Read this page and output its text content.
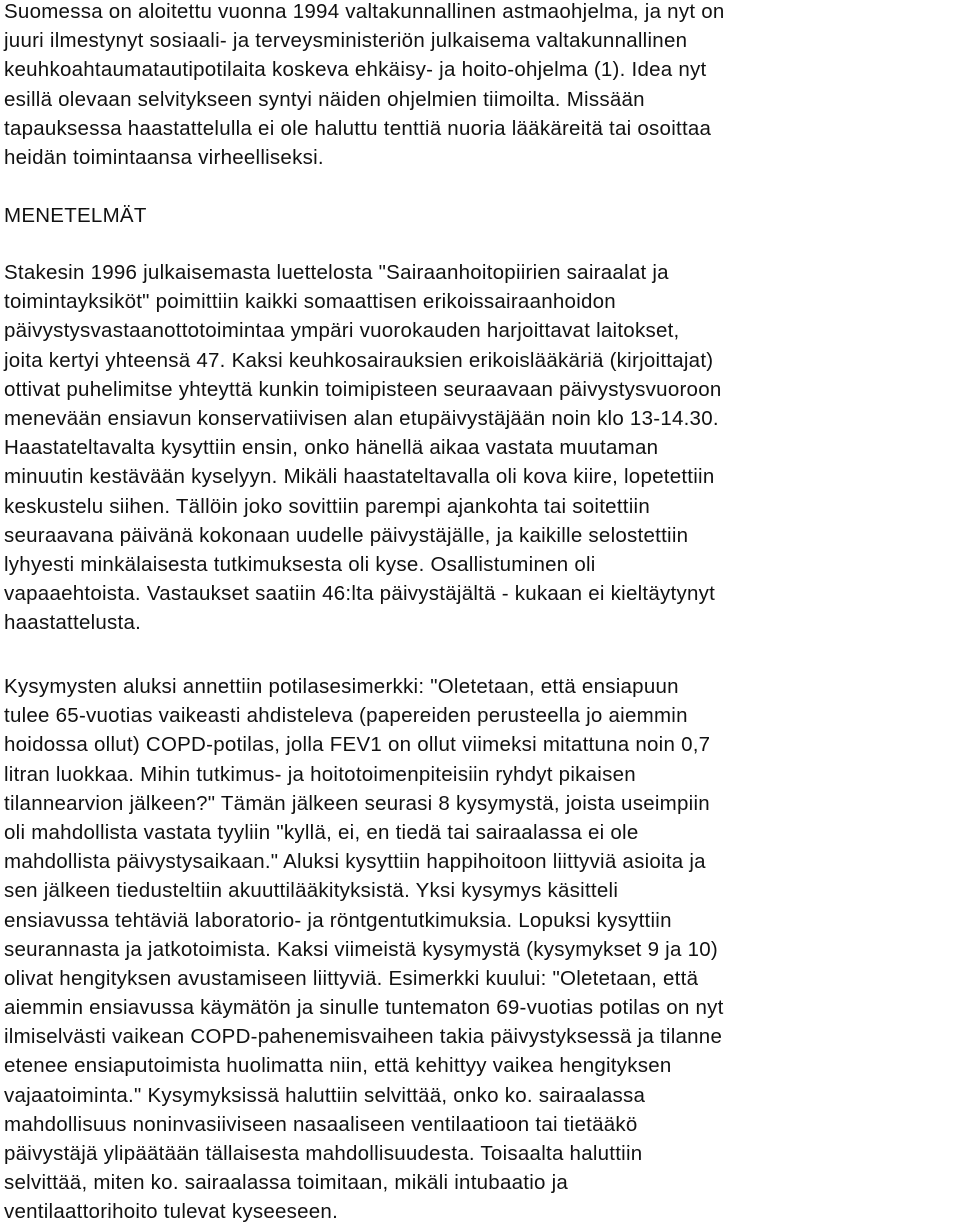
Suomessa on aloitettu vuonna 1994 valtakunnallinen astmaohjelma, ja nyt on
juuri ilmestynyt sosiaali- ja terveysministeriön julkaisema valtakunnallinen
keuhkoahtaumatautipotilaita koskeva ehkäisy- ja hoito-ohjelma (1). Idea nyt
esillä olevaan selvitykseen syntyi näiden ohjelmien tiimoilta. Missään
tapauksessa haastattelulla ei ole haluttu tenttiä nuoria lääkäreitä tai osoittaa
heidän toimintaansa virheelliseksi.
MENETELMÄT
Stakesin 1996 julkaisemasta luettelosta "Sairaanhoitopiirien sairaalat ja
toimintayksiköt" poimittiin kaikki somaattisen erikoissairaanhoidon
päivystysvastaanottotoimintaa ympäri vuorokauden harjoittavat laitokset,
joita kertyi yhteensä 47. Kaksi keuhkosairauksien erikoislääkäriä (kirjoittajat)
ottivat puhelimitse yhteyttä kunkin toimipisteen seuraavaan päivystysvuoroon
menevään ensiavun konservatiivisen alan etupäivystäjään noin klo 13-14.30.
Haastateltavalta kysyttiin ensin, onko hänellä aikaa vastata muutaman
minuutin kestävään kyselyyn. Mikäli haastateltavalla oli kova kiire, lopetettiin
keskustelu siihen. Tällöin joko sovittiin parempi ajankohta tai soitettiin
seuraavana päivänä kokonaan uudelle päivystäjälle, ja kaikille selostettiin
lyhyesti minkälaisesta tutkimuksesta oli kyse. Osallistuminen oli
vapaaehtoista. Vastaukset saatiin 46:lta päivystäjältä - kukaan ei kieltäytynyt
haastattelusta.
Kysymysten aluksi annettiin potilasesimerkki: "Oletetaan, että ensiapuun
tulee 65-vuotias vaikeasti ahdisteleva (papereiden perusteella jo aiemmin
hoidossa ollut) COPD-potilas, jolla FEV1 on ollut viimeksi mitattuna noin 0,7
litran luokkaa. Mihin tutkimus- ja hoitotoimenpiteisiin ryhdyt pikaisen
tilannearvion jälkeen?" Tämän jälkeen seurasi 8 kysymystä, joista useimpiin
oli mahdollista vastata tyyliin "kyllä, ei, en tiedä tai sairaalassa ei ole
mahdollista päivystysaikaan." Aluksi kysyttiin happihoitoon liittyviä asioita ja
sen jälkeen tiedusteltiin akuuttilääkityksistä. Yksi kysymys käsitteli
ensiavussa tehtäviä laboratorio- ja röntgentutkimuksia. Lopuksi kysyttiin
seurannasta ja jatkotoimista. Kaksi viimeistä kysymystä (kysymykset 9 ja 10)
olivat hengityksen avustamiseen liittyviä. Esimerkki kuului: "Oletetaan, että
aiemmin ensiavussa käymätön ja sinulle tuntematon 69-vuotias potilas on nyt
ilmiselvästi vaikean COPD-pahenemisvaiheen takia päivystyksessä ja tilanne
etenee ensiaputoimista huolimatta niin, että kehittyy vaikea hengityksen
vajaatoiminta." Kysymyksissä haluttiin selvittää, onko ko. sairaalassa
mahdollisuus noninvasiiviseen nasaaliseen ventilaatioon tai tietääkö
päivystäjä ylipäätään tällaisesta mahdollisuudesta. Toisaalta haluttiin
selvittää, miten ko. sairaalassa toimitaan, mikäli intubaatio ja
ventilaattorihoito tulevat kyseeseen.
